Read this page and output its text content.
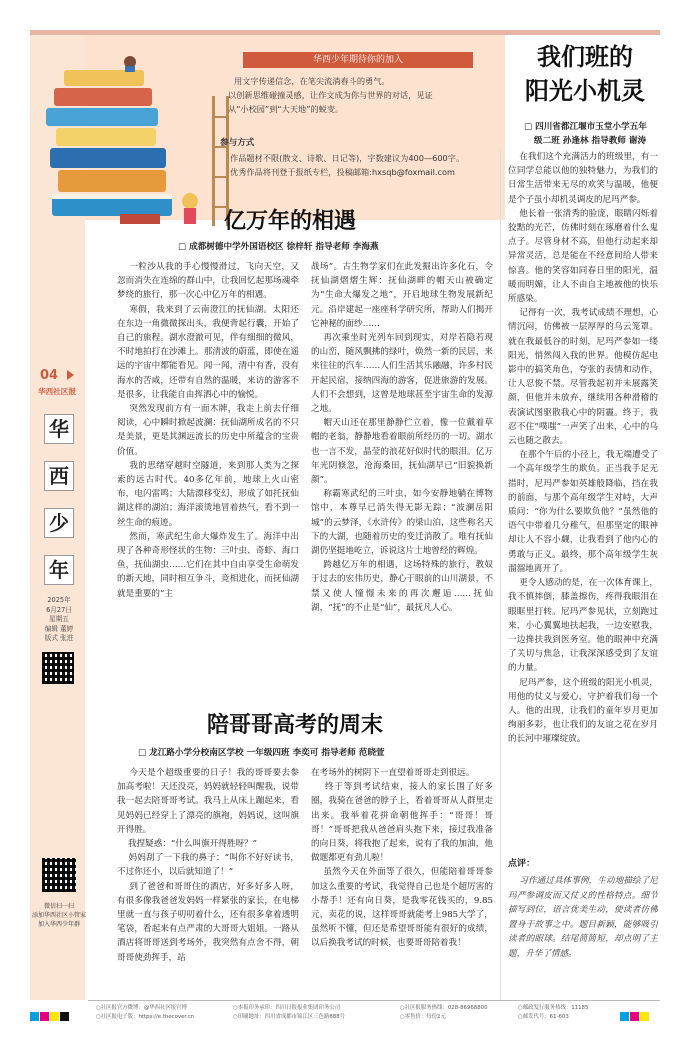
华西少年期待你的加入
用文字传递信念，在笔尖流淌春斗的勇气。
以创新思维碰撞灵感，让作文成为你与世界的对话，见证
从“小校园”到“大天地”的蜕变。
参与方式
作品题材不限(散文、诗歌、日记等)，字数建议为400—600字。
优秀作品将刊登于报纸专栏，投稿邮箱:hxsqb@foxmail.com
04
华西社区报
华
西
少
年
2025年
6月27日
星期五
编辑 董婷
版式 张进
微信扫一扫
添加华西社区小管家
加入华西少年群
亿万年的相遇
□ 成都树德中学外国语校区 徐梓轩 指导老师 李海燕
一粒沙从我的手心慢慢滑过，飞向天空，又忽而消失在连绵的群山中，让我回忆起那场魂牵梦绕的旅行，那一次心中亿万年的相遇。
寒假，我来到了云南澄江的抚仙湖。太阳还在东边一角微微探出头，我便背起行囊，开始了自己的旅程。湖水澄澈可见，伴有细细的微风，不时地拍打在沙滩上。那清波的蔚蓝，即使在遥远的宇宙中都能看见。闻一闻，清中有香，没有海水的苦咸，还带有自然的温暖，来访的游客不是很多，让我能自由挥洒心中的愉悦。
突然发现前方有一面木牌，我走上前去仔细阅读，心中瞬时掀起波澜：抚仙湖所成名的不只是美景，更是其渊远流长的历史中所蕴含的宝贵价值。
我的思绪穿越时空隧道，来到那人类为之探索的远古时代。40多亿年前，地球上火山密布，电闪雷鸣；大陆漂移变幻，形成了如托抚仙湖这样的湖泊；海洋滚烫地冒着热气，看不到一丝生命的痕迹。
然而，寒武纪生命大爆炸发生了。海洋中出现了各种奇形怪状的生物：三叶虫、奇虾、海口鱼，抚仙湖虫……它们在其中自由享受生命萌发的新天地，同时相互争斗，竞相进化，而抚仙湖就是重要的“主
战场”。古生物学家们在此发掘出许多化石，令抚仙湖熠熠生辉：抚仙湖畔的帽天山被确定为“生命大爆发之地”，开启地球生物发展新纪元。沿岸建起一座座科学研究所，帮助人们揭开它神秘的面纱……
再次乘坐时光列车回到现实，对岸若隐若现的山峦，随风飘拂的绿叶，焕然一新的民居，来来往往的汽车……人们生活其乐融融，许多村民开起民宿，接纳四海的游客，促进旅游的发展。人们不会想到，这曾是地球甚至宇宙生命的发源之地。
帽天山还在那里静静伫立着，像一位戴着草帽的老翁，静静地看着眼前所经历的一切。湖水也一言不发，晶莹的浪花好似时代的眼泪。亿万年光阴倏忽，沧海桑田，抚仙湖早已“旧貌换新颜”。
称霸寒武纪的三叶虫，如今安静地躺在博物馆中，本尊早已消失得无影无踪；“波澜岳阳城”的云梦泽，《水浒传》的梁山泊，这些称名天下的大湖，也随着历史的变迁消散了。唯有抚仙湖仍坚挺地屹立，诉说这片土地曾经的辉煌。
跨越亿万年的相遇，这场特殊的旅行，教奴于过去的宏伟历史，静心于眼前的山川湖景，不禁又使人憧憬未来的再次邂逅……抚仙湖，“抚”的不止是“仙”，最抚凡人心。
陪哥哥高考的周末
□ 龙江路小学分校南区学校 一年级四班 李奕可 指导老师 范晓萱
今天是个超级重要的日子！我的哥哥要去参加高考啦！天还没亮，妈妈就轻轻叫醒我，说带我一起去陪哥哥考试。我马上从床上蹦起来，看见妈妈已经穿上了漂亮的旗袍，妈妈说，这叫旗开得胜。
我捏疑惑：“什么叫旗开得胜呀？”
妈妈刮了一下我的鼻子：“叫你不好好读书，不过你还小，以后就知道了！”
到了爸爸和哥哥住的酒店，好多好多人呀，有很多像我爸爸发妈妈一样紧张的家长，在电梯里就一直与孩子叨叨着什么，还有很多拿着透明笔袋，看起来有点严肃的大哥哥大姐姐。一路从酒店将哥哥送到考场外，我突然有点舍不得，朝哥哥使劲挥手，站
在考场外的树阴下一直望着哥哥走到很远。
终于等到考试结束，接人的家长围了好多圈，我骑在爸爸的脖子上，看着哥哥从人群里走出来。我举着花拼命朝他挥手：“哥哥！哥哥！”哥哥把我从爸爸肩头抱下来，接过我准备的向日葵，将我抱了起来，说有了我的加油，他做题都更有劲儿啦！
虽然今天在外面等了很久，但能陪着哥哥参加这么重要的考试，我觉得自己也是个超厉害的小帮手！还有向日葵，是我零花钱买的，9.85元，卖花的说，这样哥哥就能考上985大学了，虽然听不懂，但还是希望哥哥能有很好的成绩，以后换我考试的时候，也要哥哥陪着我！
我们班的
阳光小机灵
□ 四川省都江堰市玉堂小学五年
级二班 孙逢林 指导教师 谢涛
在我们这个充满活力的班级里，有一位同学总能以他的独特魅力，为我们的日常生活带来无尽的欢笑与温暖，他便是个子虽小却机灵调皮的尼玛严参。
他长着一张清秀的脸庞，眼睛闪烁着狡黠的光芒，仿佛时刻在琢磨着什么鬼点子。尽管身材不高，但他行动起来却异常灵活，总是能在不经意间给人带来惊喜。他的笑容如同春日里的阳光，温暖而明媚，让人不由自主地被他的快乐所感染。
记得有一次，我考试成绩不理想，心情沉闷，仿佛被一层厚厚的乌云笼罩。就在我最低谷的时刻，尼玛严参如一缕阳光，悄然闯入我的世界。他模仿起电影中的搞笑角色，夸张的表情和动作，让人忍俊不禁。尽管我起初并未展露笑颜，但他并未放弃，继续用各种滑稽的表演试图驱散我心中的阴霾。终于，我忍不住“噗嗤”一声笑了出来，心中的乌云也随之散去。
在那个午后的小径上，我无端遭受了一个高年级学生的欺负。正当我手足无措时，尼玛严参如英雄般降临，挡在我的前面，与那个高年级学生对峙，大声质问：“你为什么要欺负他？”虽然他的语气中带着几分稚气，但那坚定的眼神却让人不容小觑，让我看到了他内心的勇敢与正义。最终，那个高年级学生灰溜溜地离开了。
更令人感动的是，在一次体育课上，我不慎摔倒，膝盖擦伤，疼得我眼泪在眼眶里打转。尼玛严参见状，立刻跑过来，小心翼翼地扶起我，一边安慰我，一边搀扶我到医务室。他的眼神中充满了关切与焦急，让我深深感受到了友谊的力量。
尼玛严参，这个班级的阳光小机灵，用他的仗义与爱心，守护着我们每一个人。他的出现，让我们的童年岁月更加绚丽多彩，也让我们的友谊之花在岁月的长河中璀璨绽放。
点评：
习作通过具体事例，生动地描绘了尼玛严参调皮而又仗义的性格特点。细节描写到位，语言优美生动，使读者仿佛置身于故事之中。题目新颖，能够吸引读者的眼球。结尾简简短，却点明了主题，升华了情感。
○社区报官方微博：@华西社区报官博
○社区报电子版：https://e.thecover.cn
○本报印务承印：四川日报报业集团印务公司
○印刷地址：四川省成都市锦江区三色路888号
○社区报服务热线：028-86968800
○零售价：每份2元
○邮政发行服务热线：11185
○邮发代号：61-603
